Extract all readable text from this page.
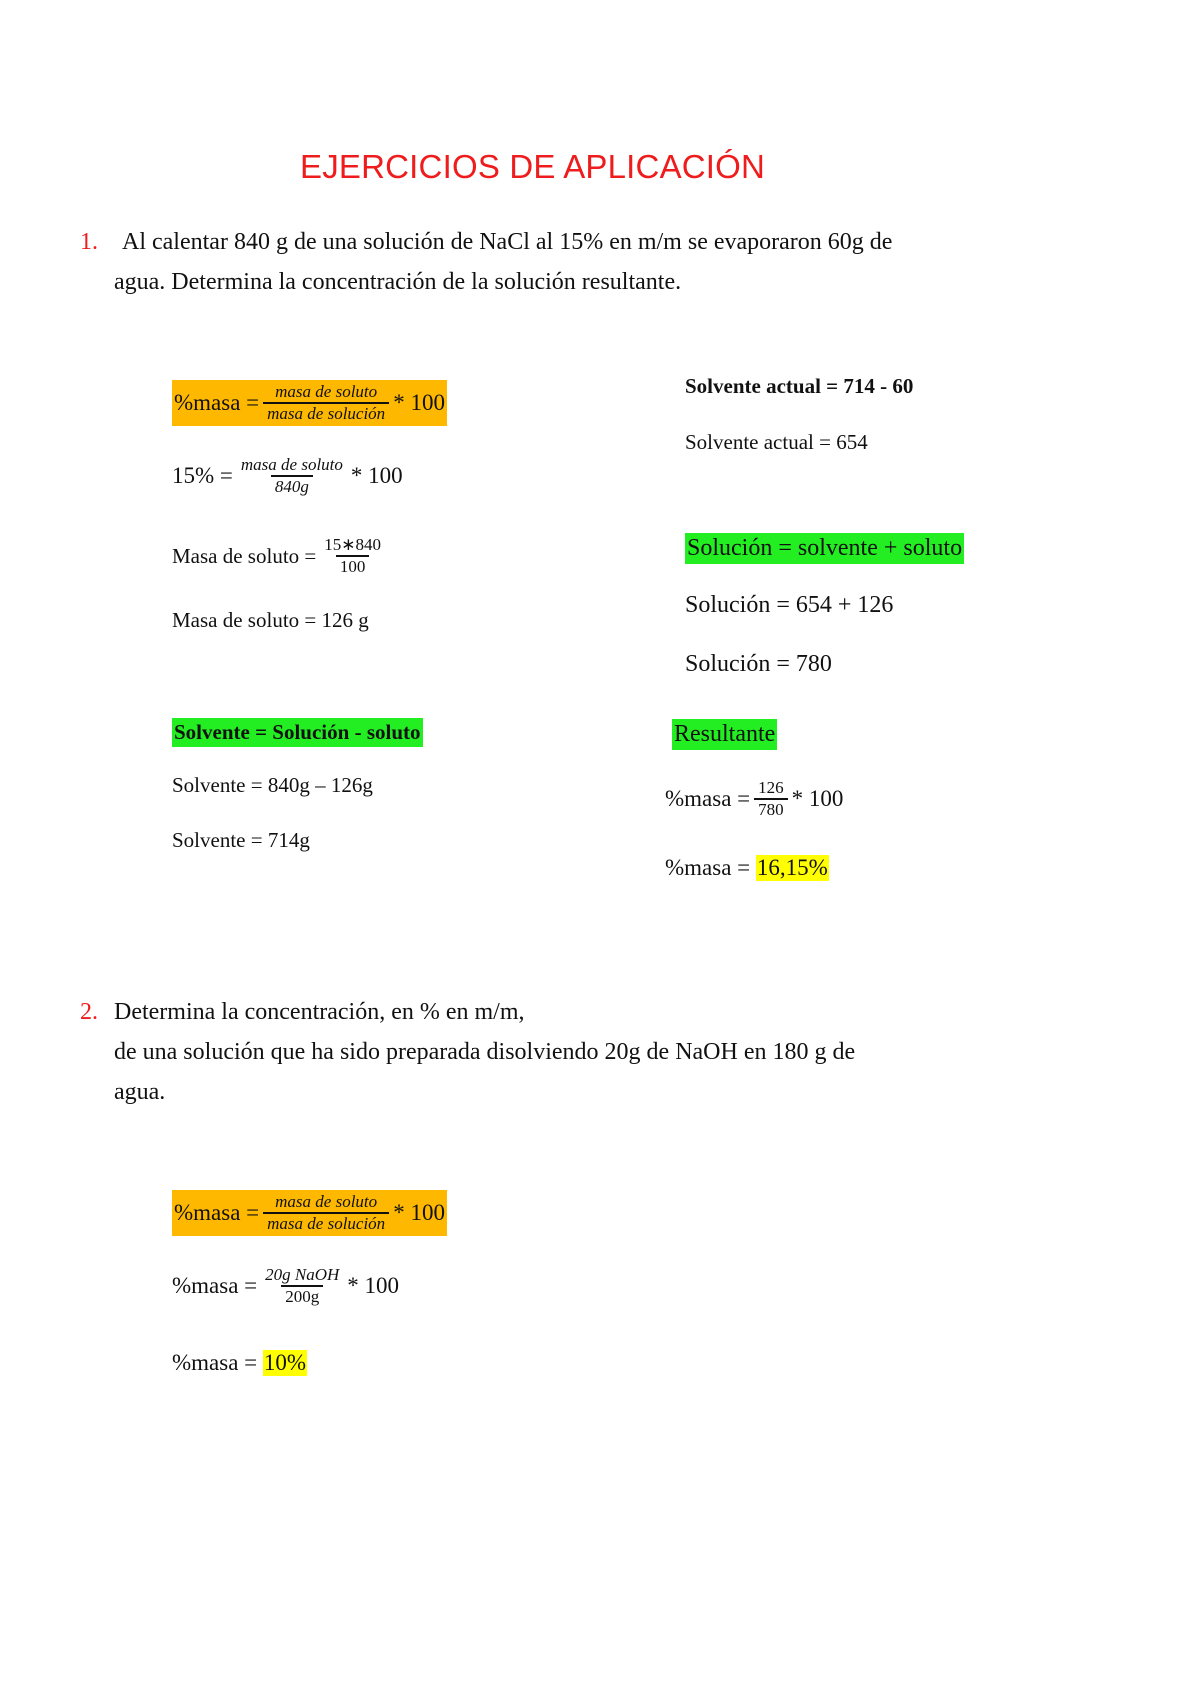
EJERCICIOS DE APLICACIÓN
1. Al calentar 840 g de una solución de NaCl al 15% en m/m se evaporaron 60g de
agua. Determina la concentración de la solución resultante.
%masa = $\frac{\text{masa de soluto}}{\text{masa de solución}} * 100$
$15\% = \frac{\text{masa de soluto}}{840g} * 100$
Masa de soluto = $\frac{15∗840}{100}$
Masa de soluto = 126 g
Solvente = Solución - soluto
Solvente = 840g – 126g
Solvente = 714g
Solvente actual = 714 - 60
Solvente actual = 654
Solución = solvente + soluto
Solución = 654 + 126
Solución = 780
Resultante
%masa = $\frac{126}{780} * 100$
%masa =
16,15%
2. Determina la concentración, en % en m/m,
de una solución que ha sido preparada disolviendo 20g de NaOH en 180 g de
agua.
%masa = $\frac{\text{masa de soluto}}{\text{masa de solución}} * 100$
%masa = $\frac{\text{20g NaOH}}{200g} * 100$
%masa =
10%
